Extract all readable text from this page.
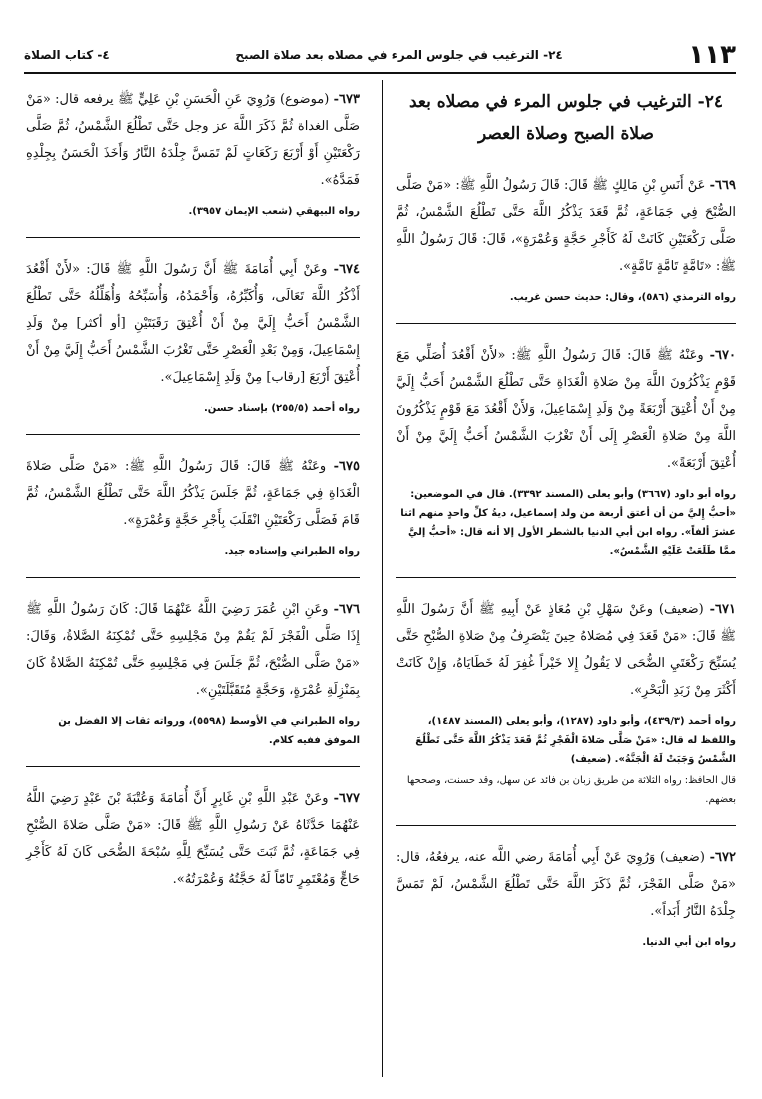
١١٣
٢٤- الترغيب في جلوس المرء في مصلاه بعد صلاة الصبح
٤- كتاب الصلاة
٢٤- الترغيب في جلوس المرء في مصلاه بعد
صلاة الصبح وصلاة العصر

٦٦٩- عَنْ أَنَسِ بْنِ مَالِكٍ ﷺ قَالَ: قَالَ رَسُولُ اللَّهِ ﷺ: «مَنْ صَلَّى الصُّبْحَ فِي جَمَاعَةٍ، ثُمَّ قَعَدَ يَذْكُرُ اللَّهَ حَتَّى تَطْلُعَ الشَّمْسُ، ثُمَّ صَلَّى رَكْعَتَيْنِ كَانَتْ لَهُ كَأَجْرِ حَجَّةٍ وَعُمْرَةٍ»، قَالَ: قَالَ رَسُولُ اللَّهِ ﷺ: «تَامَّةٍ تَامَّةٍ تَامَّةٍ».

رواه الترمذي (٥٨٦)، وقال: حديث حسن غريب.

٦٧٠- وعَنْهُ ﷺ قَالَ: قَالَ رَسُولُ اللَّهِ ﷺ: «لأَنْ أَقْعُدَ أُصَلِّي مَعَ قَوْمٍ يَذْكُرُونَ اللَّهَ مِنْ صَلاةِ الْغَدَاةِ حَتَّى تَطْلُعَ الشَّمْسُ أَحَبُّ إِلَيَّ مِنْ أَنْ أُعْتِقَ أَرْبَعَةً مِنْ وَلَدِ إِسْمَاعِيلَ، وَلأَنْ أَقْعُدَ مَعَ قَوْمٍ يَذْكُرُونَ اللَّهَ مِنْ صَلاةِ الْعَصْرِ إِلَى أَنْ تَغْرُبَ الشَّمْسُ أَحَبُّ إِلَيَّ مِنْ أَنْ أُعْتِقَ أَرْبَعَةً».

رواه أبو داود (٣٦٦٧) وأبو يعلى (المسند ٣٣٩٢). قال في الموضعين: «أحبُّ إِليَّ من أن أعتق أربعة من ولد إسماعيل، ديةُ كلِّ واحدٍ منهم اثنا عشرَ ألفاً». رواه ابن أبي الدنيا بالشطر الأول إلا أنه قال: «أحبُّ إليَّ ممَّا طَلَعَتْ عَلَيْهِ الشَّمْسُ».

٦٧١- (ضعيف) وعَنْ سَهْلِ بْنِ مُعَاذٍ عَنْ أَبِيهِ ﷺ أَنَّ رَسُولَ اللَّهِ ﷺ قَالَ: «مَنْ قَعَدَ فِي مُصَلاهُ حِينَ يَنْصَرِفُ مِنْ صَلاةِ الصُّبْحِ حَتَّى يُسَبِّحَ رَكْعَتَيِ الضُّحَى لا يَقُولُ إِلا خَيْراً غُفِرَ لَهُ خَطَايَاهُ، وَإِنْ كَانَتْ أَكْثَرَ مِنْ زَبَدِ الْبَحْرِ».

رواه أحمد (٤٣٩/٣)، وأبو داود (١٢٨٧)، وأبو يعلى (المسند ١٤٨٧)، واللفظ له قال: «مَنْ صَلَّى صَلاةَ الْفَجْرِ ثُمَّ قَعَدَ يَذْكُرُ اللَّهَ حَتَّى تَطْلُعَ الشَّمْسُ وَجَبَتْ لَهُ الْجَنَّةُ». (ضعيف)

قال الحافظ: رواه الثلاثة من طريق زبان بن فائد عن سهل، وقد حسنت، وصححها بعضهم.

٦٧٢- (ضعيف) وَرُوِيَ عَنْ أَبِي أُمَامَةَ رضي اللَّه عنه، يرفعُهُ، قال: «مَنْ صَلَّى الفَجْرَ، ثُمَّ ذَكَرَ اللَّهَ حَتَّى تَطْلُعَ الشَّمْسُ، لَمْ تَمَسَّ جِلْدَهُ النَّارُ أَبَداً».

رواه ابن أبي الدنيا.

٦٧٣- (موضوع) وَرُوِيَ عَنِ الْحَسَنِ بْنِ عَلِيٍّ ﷺ يرفعه قال: «مَنْ صَلَّى الغداة ثُمَّ ذَكَرَ اللَّهَ عز وجل حَتَّى تَطْلُعَ الشَّمْسُ، ثُمَّ صَلَّى رَكْعَتَيْنِ أَوْ أَرْبَعَ رَكَعَاتٍ لَمْ تَمَسَّ جِلْدَهُ النَّارُ وَأَخَذَ الْحَسَنُ بِجِلْدِهِ فَمَدَّهُ».

رواه البيهقي (شعب الإيمان ٣٩٥٧).

٦٧٤- وعَنْ أَبِي أُمَامَةَ ﷺ أَنَّ رَسُولَ اللَّهِ ﷺ قَالَ: «لأَنْ أَقْعُدَ أَذْكُرُ اللَّهَ تَعَالَى، وَأُكَبِّرُهُ، وَأَحْمَدُهُ، وَأُسَبِّحُهُ وَأُهَلِّلُهُ حَتَّى تَطْلُعَ الشَّمْسُ أَحَبُّ إِلَيَّ مِنْ أَنْ أُعْتِقَ رَقَبَتَيْنِ [أو أكثر] مِنْ وَلَدِ إِسْمَاعِيلَ، وَمِنْ بَعْدِ الْعَصْرِ حَتَّى تَغْرُبَ الشَّمْسُ أَحَبُّ إِلَيَّ مِنْ أَنْ أُعْتِقَ أَرْبَعَ [رقاب] مِنْ وَلَدِ إِسْمَاعِيلَ».

رواه أحمد (٢٥٥/٥) بإسناد حسن.

٦٧٥- وعَنْهُ ﷺ قَالَ: قَالَ رَسُولُ اللَّهِ ﷺ: «مَنْ صَلَّى صَلاةَ الْغَدَاةِ فِي جَمَاعَةٍ، ثُمَّ جَلَسَ يَذْكُرُ اللَّهَ حَتَّى تَطْلُعَ الشَّمْسُ، ثُمَّ قَامَ فَصَلَّى رَكْعَتَيْنِ انْقَلَبَ بِأَجْرِ حَجَّةٍ وَعُمْرَةٍ».

رواه الطبراني وإسناده جيد.

٦٧٦- وعَنِ ابْنِ عُمَرَ رَضِيَ اللَّهُ عَنْهُمَا قَالَ: كَانَ رَسُولُ اللَّهِ ﷺ إِذَا صَلَّى الْفَجْرَ لَمْ يَقُمْ مِنْ مَجْلِسِهِ حَتَّى تُمْكِنَهُ الصَّلاةُ، وَقَالَ: «مَنْ صَلَّى الصُّبْحَ، ثُمَّ جَلَسَ فِي مَجْلِسِهِ حَتَّى تُمْكِنَهُ الصَّلاةُ كَانَ بِمَنْزِلَةِ عُمْرَةٍ، وَحَجَّةٍ مُتَقَبَّلَتَيْنِ».

رواه الطبراني في الأوسط (٥٥٩٨)، ورواته ثقات إلا الفضل بن الموفق ففيه كلام.

٦٧٧- وعَنْ عَبْدِ اللَّهِ بْنِ غَابِرٍ أَنَّ أُمَامَةَ وَعُتْبَةَ بْنَ عَبْدٍ رَضِيَ اللَّهُ عَنْهُمَا حَدَّثَاهُ عَنْ رَسُولِ اللَّهِ ﷺ قَالَ: «مَنْ صَلَّى صَلاةَ الصُّبْحِ فِي جَمَاعَةٍ، ثُمَّ ثَبَتَ حَتَّى يُسَبِّحَ لِلَّهِ سُبْحَةَ الضُّحَى كَانَ لَهُ كَأَجْرِ حَاجٍّ وَمُعْتَمِرٍ تَامّاً لَهُ حَجَّتُهُ وَعُمْرَتُهُ».
